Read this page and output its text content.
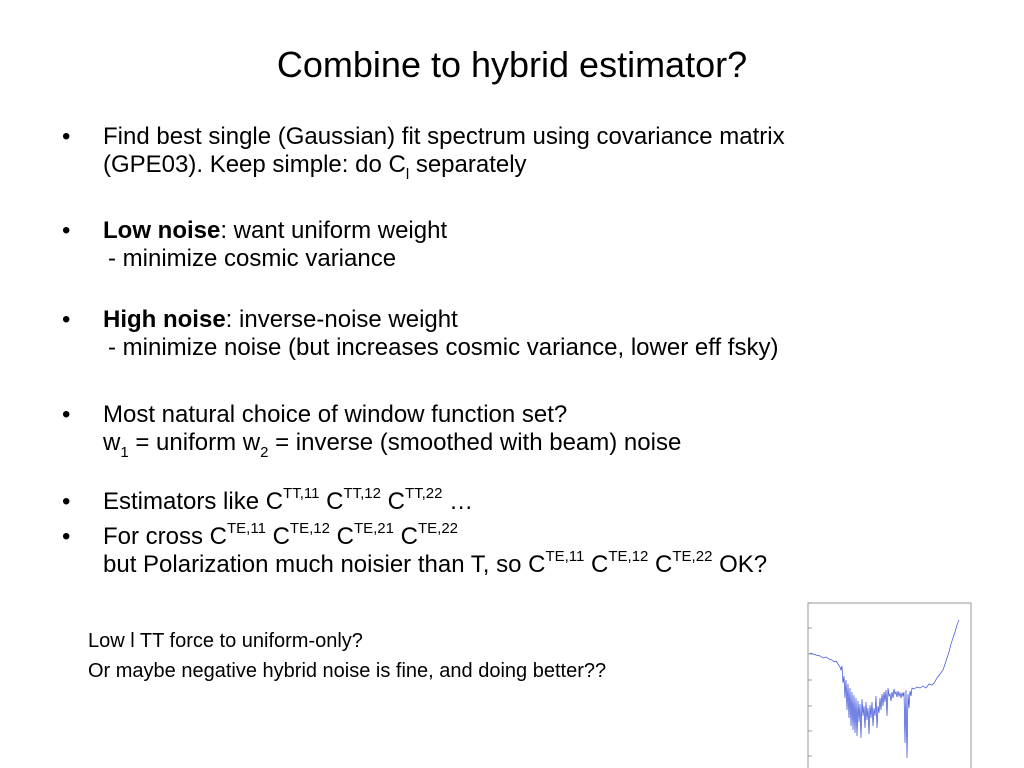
Combine to hybrid estimator?
• Find best single (Gaussian) fit spectrum using covariance matrix
(GPE03). Keep simple: do $C_l$ separately
• Low noise: want uniform weight
- minimize cosmic variance
• High noise: inverse-noise weight
- minimize noise (but increases cosmic variance, lower eff fsky)
• Most natural choice of window function set?
$w_1$ = uniform $w_2$ = inverse (smoothed with beam) noise
• Estimators like $C^{TT,11}$ $C^{TT,12}$ $C^{TT,22}$ …
• For cross $C^{TE,11}$ $C^{TE,12}$ $C^{TE,21}$ $C^{TE,22}$
but Polarization much noisier than T, so $C^{TE,11}$ $C^{TE,12}$ $C^{TE,22}$ OK?
Low l TT force to uniform-only?
Or maybe negative hybrid noise is fine, and doing better??
